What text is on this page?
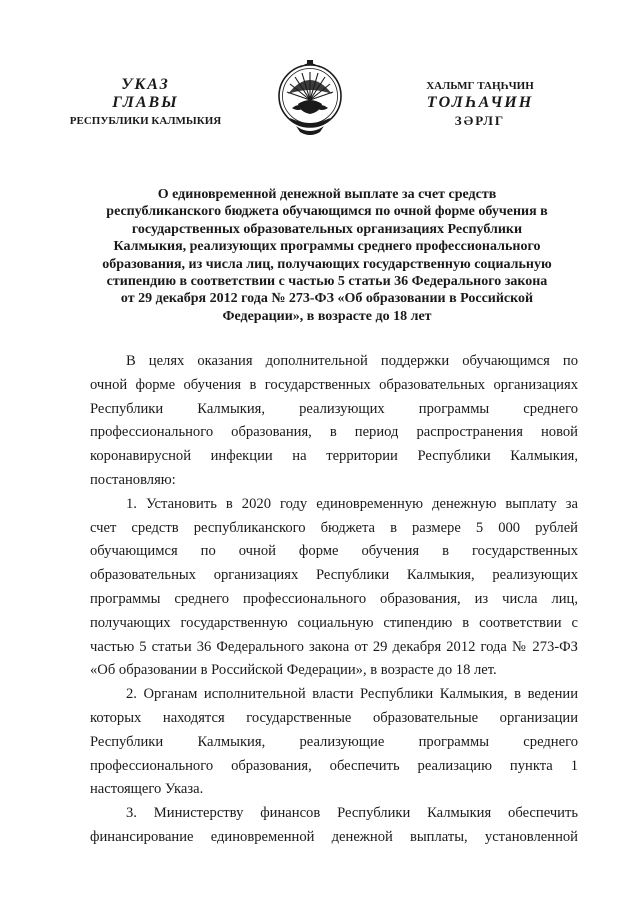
УКАЗ
ГЛАВЫ
РЕСПУБЛИКИ КАЛМЫКИЯ
ХАЛЬМГ ТАҢҺЧИН
ТОЛҺАЧИН
ЗӘРЛГ
О единовременной денежной выплате за счет средств
республиканского бюджета обучающимся по очной форме обучения в
государственных образовательных организациях Республики
Калмыкия, реализующих программы среднего профессионального
образования, из числа лиц, получающих государственную социальную
стипендию в соответствии с частью 5 статьи 36 Федерального закона
от 29 декабря 2012 года № 273-ФЗ «Об образовании в Российской
Федерации», в возрасте до 18 лет
В целях оказания дополнительной поддержки обучающимся по
очной форме обучения в государственных образовательных организациях
Республики Калмыкия, реализующих программы среднего
профессионального образования, в период распространения новой
коронавирусной инфекции на территории Республики Калмыкия,
постановляю:
1. Установить в 2020 году единовременную денежную выплату за
счет средств республиканского бюджета в размере 5 000 рублей
обучающимся по очной форме обучения в государственных
образовательных организациях Республики Калмыкия, реализующих
программы среднего профессионального образования, из числа лиц,
получающих государственную социальную стипендию в соответствии с
частью 5 статьи 36 Федерального закона от 29 декабря 2012 года № 273-ФЗ
«Об образовании в Российской Федерации», в возрасте до 18 лет.
2. Органам исполнительной власти Республики Калмыкия, в ведении
которых находятся государственные образовательные организации
Республики Калмыкия, реализующие программы среднего
профессионального образования, обеспечить реализацию пункта 1
настоящего Указа.
3. Министерству финансов Республики Калмыкия обеспечить
финансирование единовременной денежной выплаты, установленной
